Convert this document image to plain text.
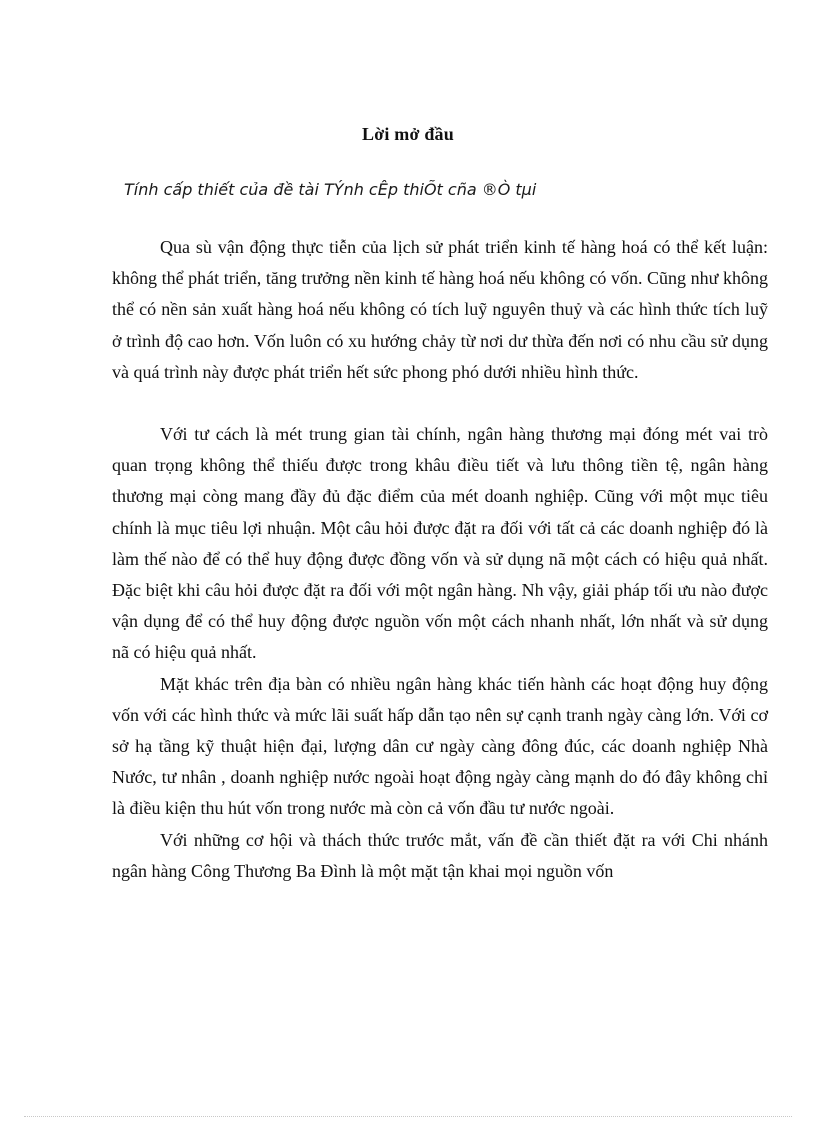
Lời mở đầu
Tính cấp thiết của đề tài TÝnh cÊp thiÕt cña ®Ò tµi

Qua sù vận động thực tiễn của lịch sử phát triển kinh tế hàng hoá có thể kết luận: không thể phát triển, tăng trưởng nền kinh tế hàng hoá nếu không có vốn. Cũng như không thể có nền sản xuất hàng hoá nếu không có tích luỹ nguyên thuỷ và các hình thức tích luỹ ở trình độ cao hơn. Vốn luôn có xu hướng chảy từ nơi dư thừa đến nơi có nhu cầu sử dụng và quá trình này được phát triển hết sức phong phó dưới nhiều hình thức.

Với tư cách là mét trung gian tài chính, ngân hàng thương mại đóng mét vai trò quan trọng không thể thiếu được trong khâu điều tiết và lưu thông tiền tệ, ngân hàng thương mại còng mang đầy đủ đặc điểm của mét doanh nghiệp. Cũng với một mục tiêu chính là mục tiêu lợi nhuận. Một câu hỏi được đặt ra đối với tất cả các doanh nghiệp đó là làm thế nào để có thể huy động được đồng vốn và sử dụng nã một cách có hiệu quả nhất. Đặc biệt khi câu hỏi được đặt ra đối với một ngân hàng. Nh vậy, giải pháp tối ưu nào được vận dụng để có thể huy động được nguồn vốn một cách nhanh nhất, lớn nhất và sử dụng nã có hiệu quả nhất.

Mặt khác trên địa bàn có nhiều ngân hàng khác tiến hành các hoạt động huy động vốn với các hình thức và mức lãi suất hấp dẫn tạo nên sự cạnh tranh ngày càng lớn. Với cơ sở hạ tầng kỹ thuật hiện đại, lượng dân cư ngày càng đông đúc, các doanh nghiệp Nhà Nước, tư nhân , doanh nghiệp nước ngoài hoạt động ngày càng mạnh do đó đây không chỉ là điều kiện thu hút vốn trong nước mà còn cả vốn đầu tư nước ngoài.

Với những cơ hội và thách thức trước mắt, vấn đề cần thiết đặt ra với Chi nhánh ngân hàng Công Thương Ba Đình là một mặt tận khai mọi nguồn vốn
